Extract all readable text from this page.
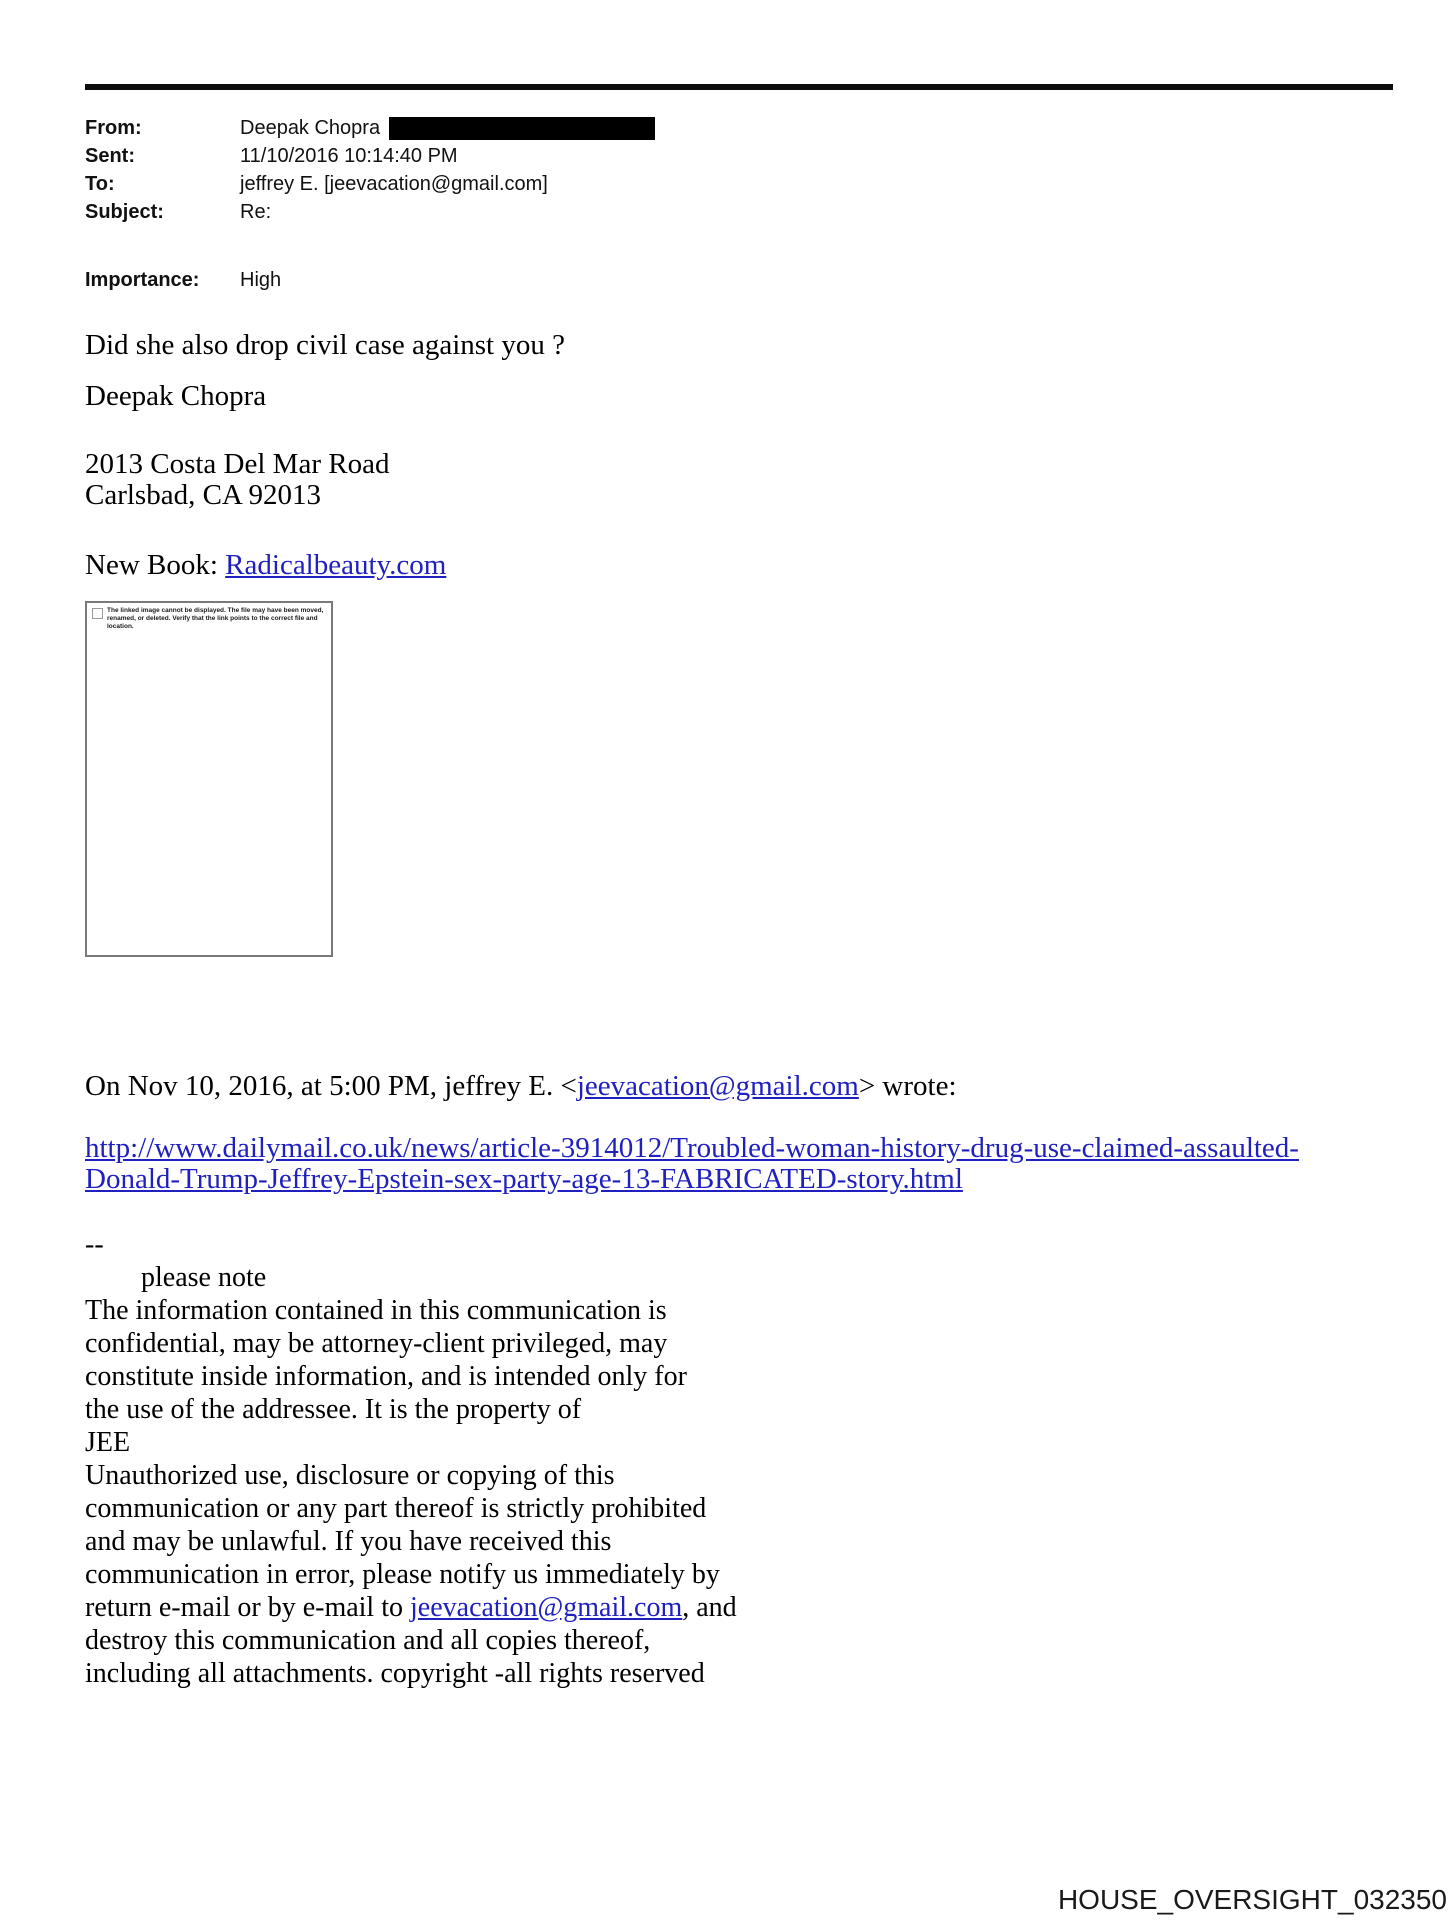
From:	Deepak Chopra
Sent:	11/10/2016 10:14:40 PM
To:	jeffrey E. [jeevacation@gmail.com]
Subject:	Re:
Importance:	High
Did she also drop civil case against you ?
Deepak Chopra
2013 Costa Del Mar Road
Carlsbad, CA 92013
New Book: Radicalbeauty.com
The linked image cannot be displayed. The file may have been moved, renamed, or deleted. Verify that the link points to the correct file and location.
On Nov 10, 2016, at 5:00 PM, jeffrey E. <jeevacation@gmail.com> wrote:
http://www.dailymail.co.uk/news/article-3914012/Troubled-woman-history-drug-use-claimed-assaulted-
Donald-Trump-Jeffrey-Epstein-sex-party-age-13-FABRICATED-story.html
--
please note
The information contained in this communication is
confidential, may be attorney-client privileged, may
constitute inside information, and is intended only for
the use of the addressee. It is the property of
JEE
Unauthorized use, disclosure or copying of this
communication or any part thereof is strictly prohibited
and may be unlawful. If you have received this
communication in error, please notify us immediately by
return e-mail or by e-mail to jeevacation@gmail.com, and
destroy this communication and all copies thereof,
including all attachments. copyright -all rights reserved
HOUSE_OVERSIGHT_032350
